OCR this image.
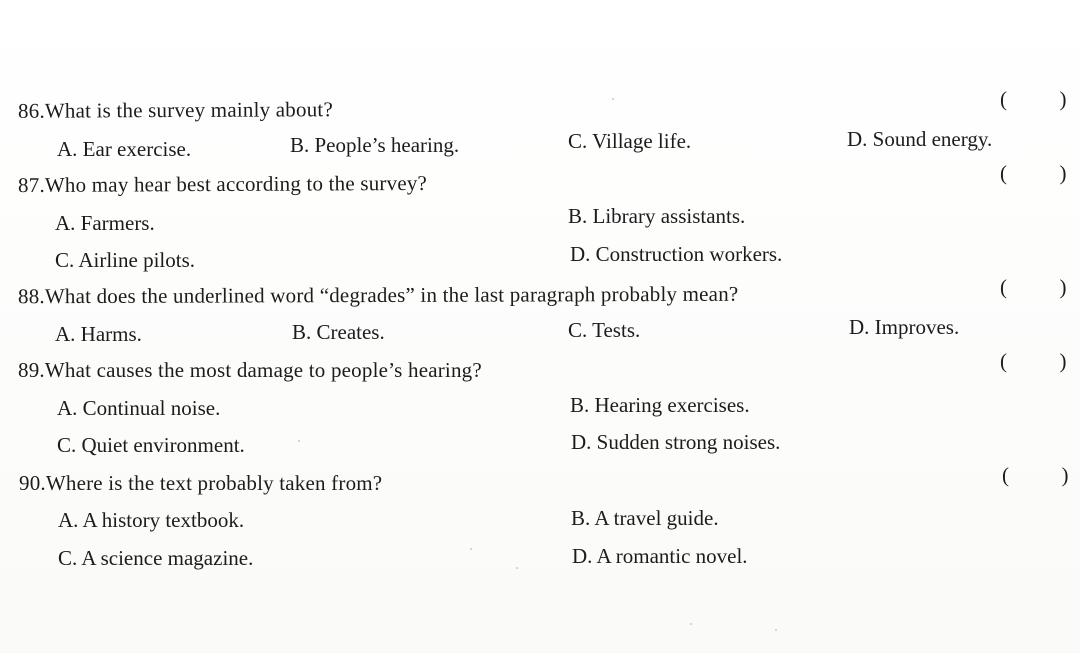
86.What is the survey mainly about?	(          )
A. Ear exercise.	B. People’s hearing.	C. Village life.	D. Sound energy.
87.Who may hear best according to the survey?	(          )
A. Farmers.	B. Library assistants.
C. Airline pilots.	D. Construction workers.
88.What does the underlined word “degrades” in the last paragraph probably mean?	(          )
A. Harms.	B. Creates.	C. Tests.	D. Improves.
89.What causes the most damage to people’s hearing?	(          )
A. Continual noise.	B. Hearing exercises.
C. Quiet environment.	D. Sudden strong noises.
90.Where is the text probably taken from?	(          )
A. A history textbook.	B. A travel guide.
C. A science magazine.	D. A romantic novel.
